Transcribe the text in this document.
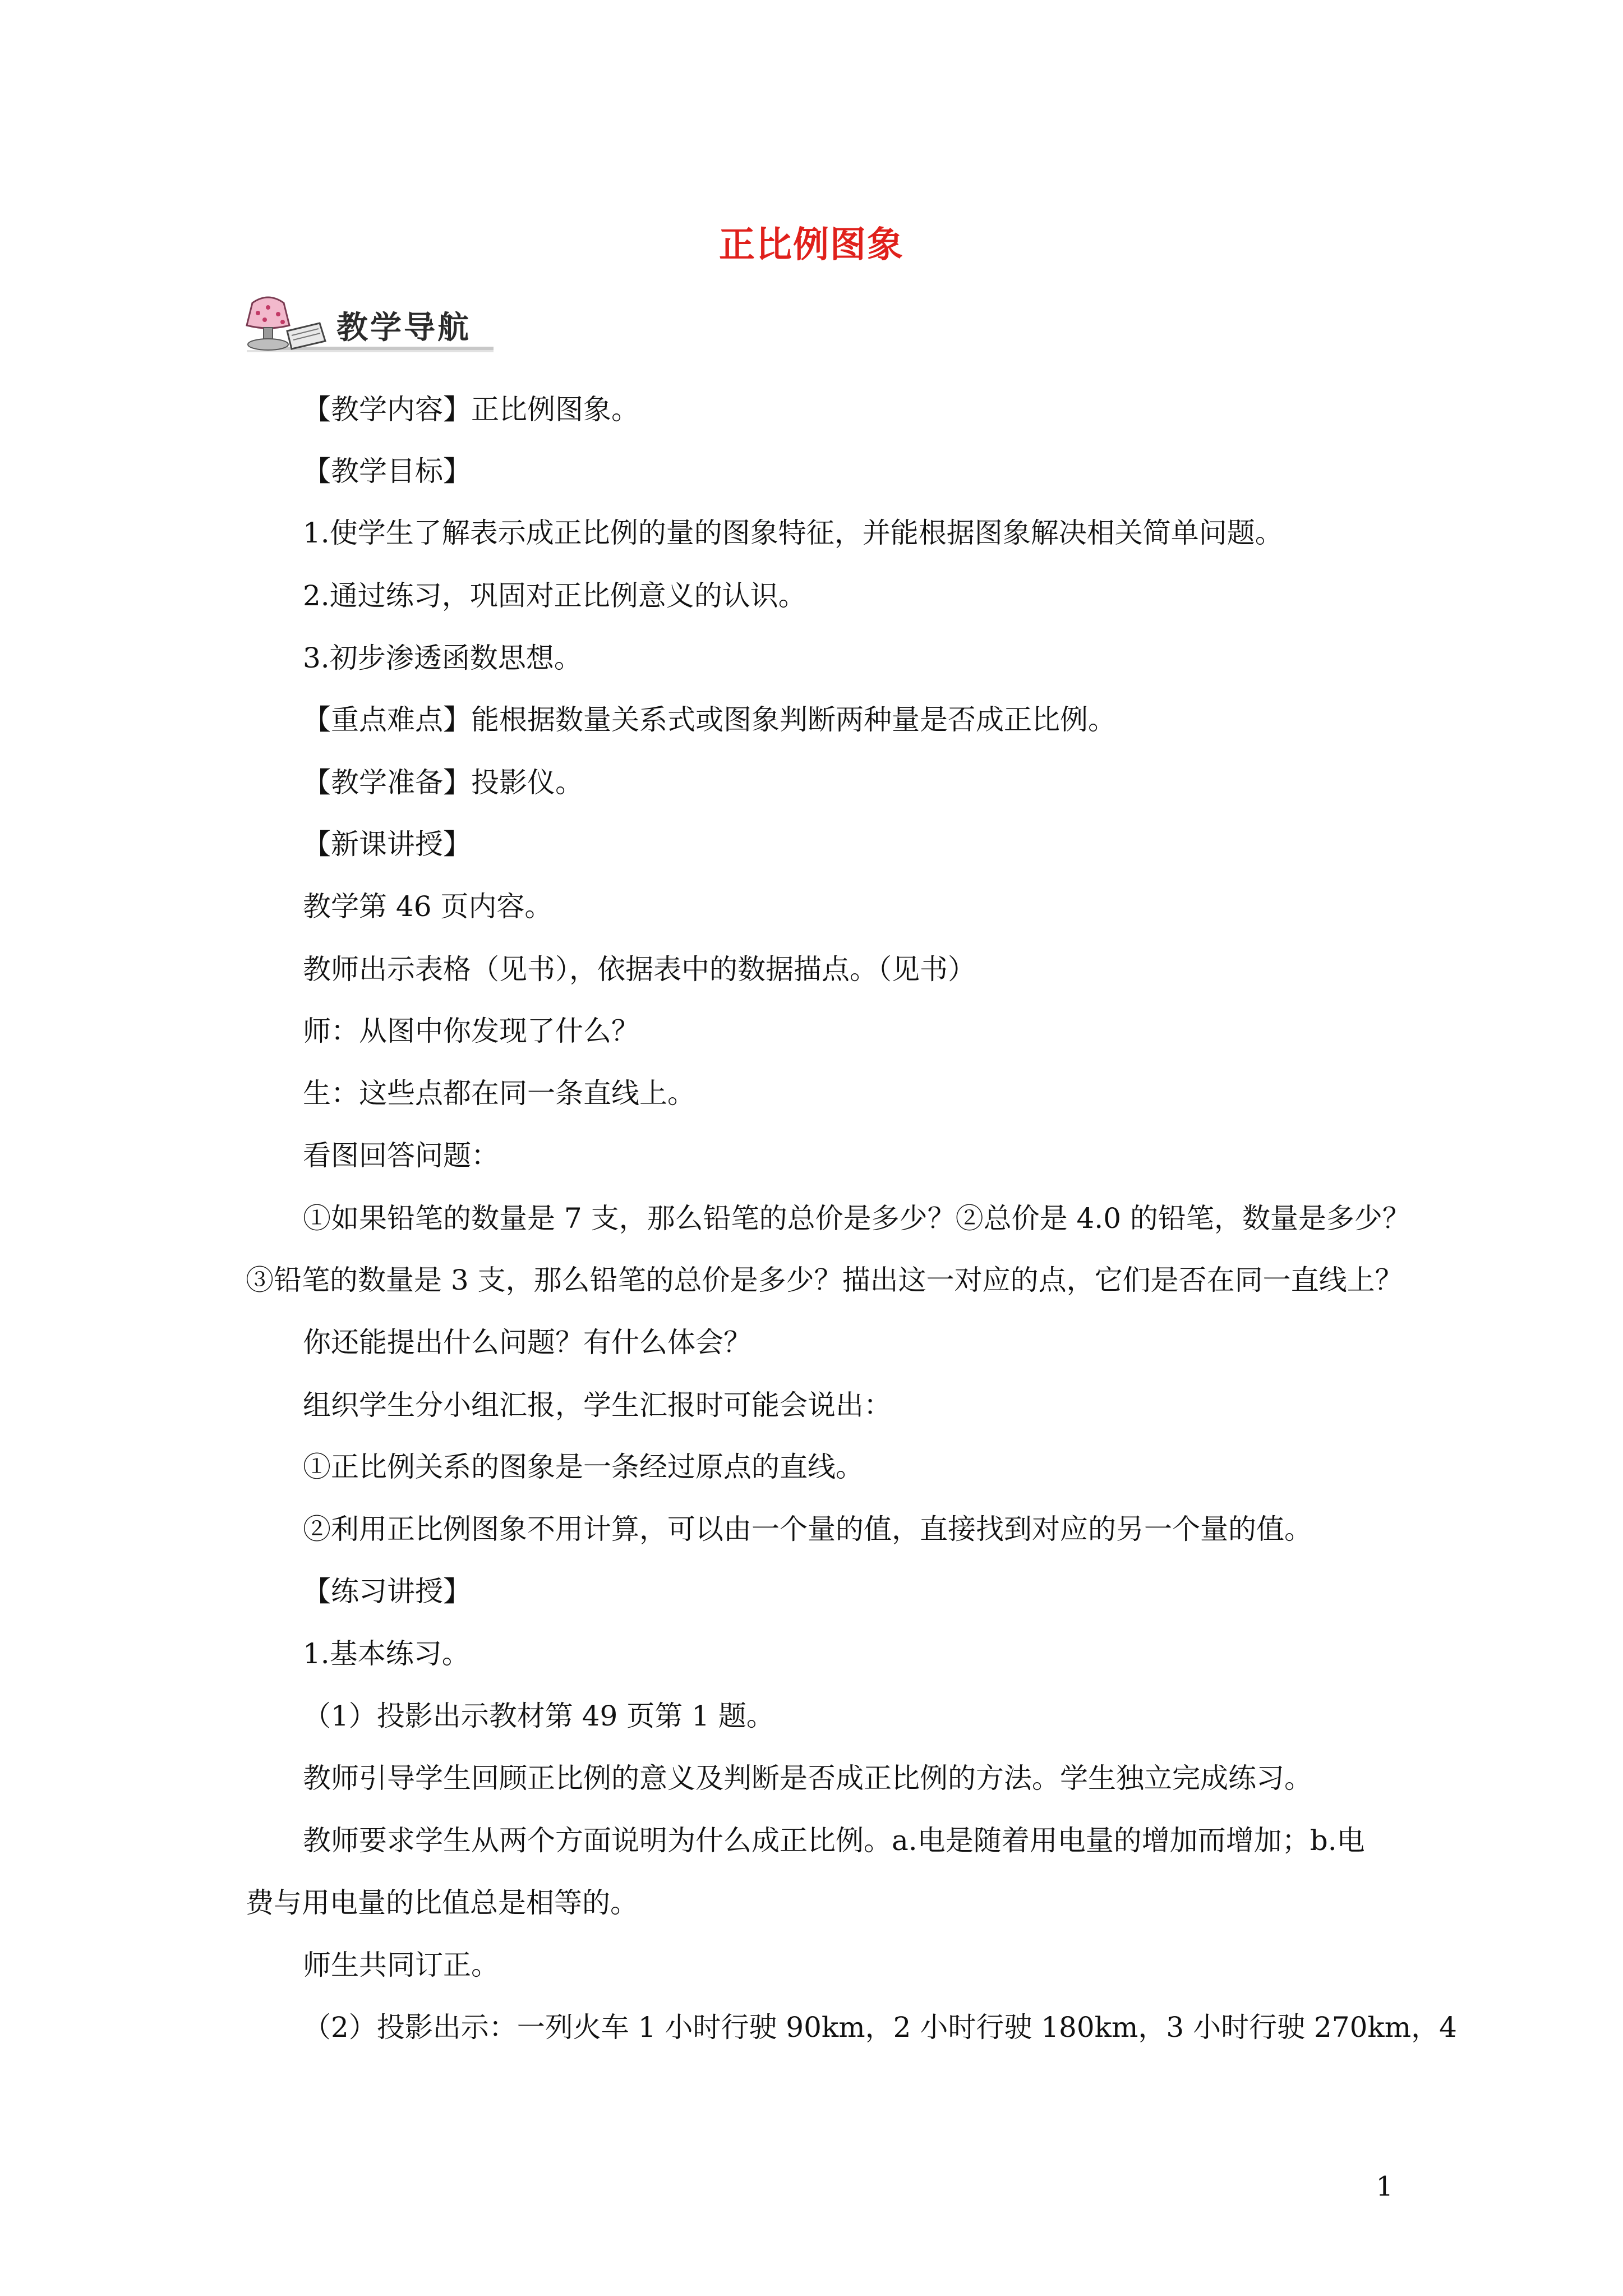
正比例图象
教学导航
【教学内容】正比例图象。
【教学目标】
1.使学生了解表示成正比例的量的图象特征，并能根据图象解决相关简单问题。
2.通过练习，巩固对正比例意义的认识。
3.初步渗透函数思想。
【重点难点】能根据数量关系式或图象判断两种量是否成正比例。
【教学准备】投影仪。
【新课讲授】
教学第 46 页内容。
教师出示表格（见书），依据表中的数据描点。（见书）
师：从图中你发现了什么？
生：这些点都在同一条直线上。
看图回答问题：
①如果铅笔的数量是 7 支，那么铅笔的总价是多少？②总价是 4.0 的铅笔，数量是多少？
③铅笔的数量是 3 支，那么铅笔的总价是多少？描出这一对应的点，它们是否在同一直线上？
你还能提出什么问题？有什么体会？
组织学生分小组汇报，学生汇报时可能会说出：
①正比例关系的图象是一条经过原点的直线。
②利用正比例图象不用计算，可以由一个量的值，直接找到对应的另一个量的值。
【练习讲授】
1.基本练习。
（1）投影出示教材第 49 页第 1 题。
教师引导学生回顾正比例的意义及判断是否成正比例的方法。学生独立完成练习。
教师要求学生从两个方面说明为什么成正比例。a.电是随着用电量的增加而增加；b.电
费与用电量的比值总是相等的。
师生共同订正。
（2）投影出示：一列火车 1 小时行驶 90km，2 小时行驶 180km，3 小时行驶 270km，4
1
